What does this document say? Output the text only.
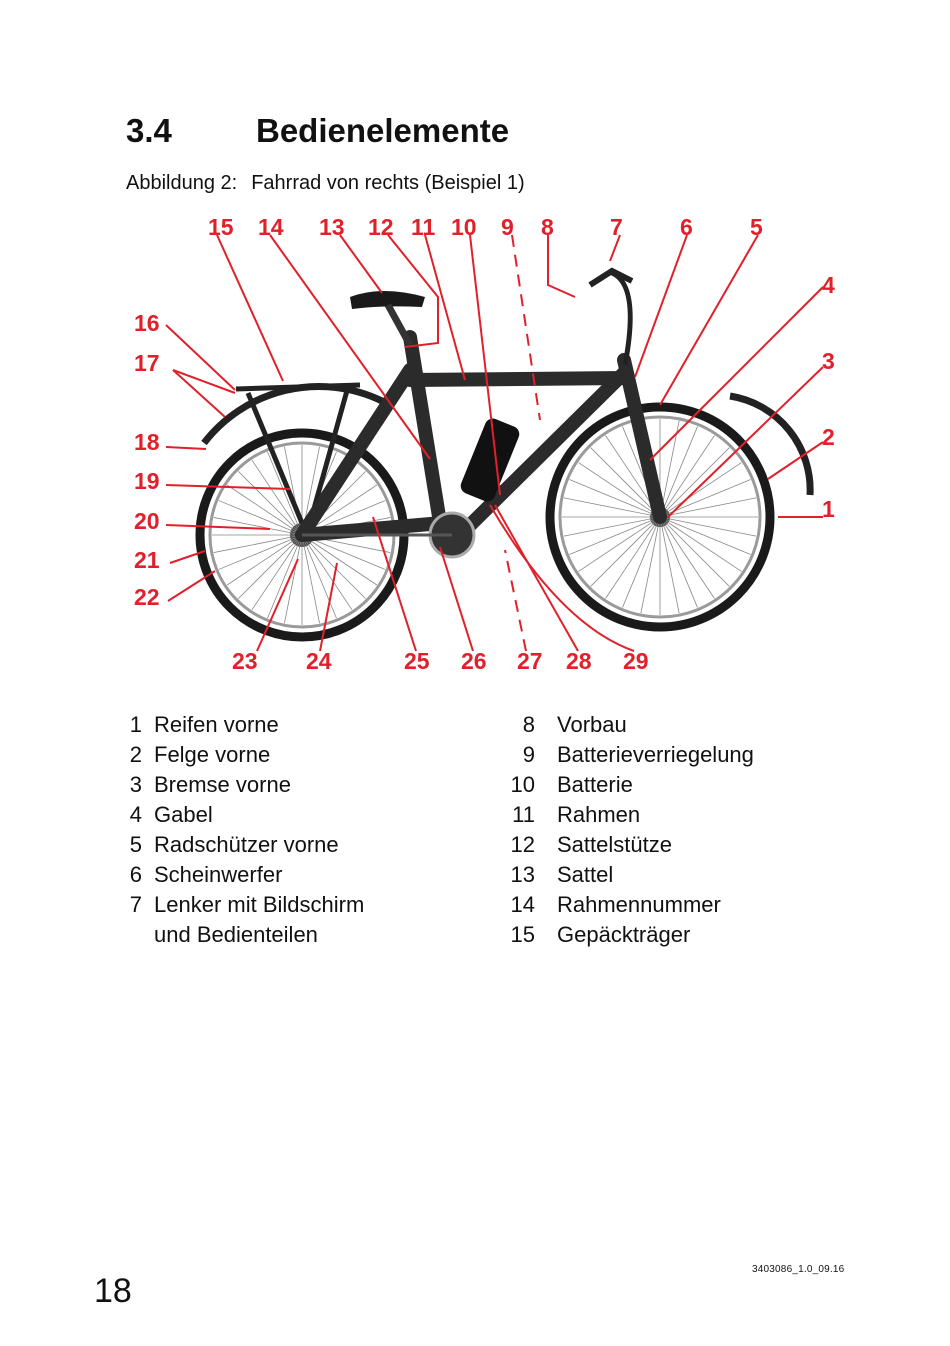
3.4	Bedienelemente
Abbildung 2: Fahrrad von rechts (Beispiel 1)
1
2
3
4
5
6
7
8
9
10
11
12
13
14
15
16
17
18
19
20
21
22
23 24	25 26 27 28 29
1 Reifen vorne
2 Felge vorne
3 Bremse vorne
4 Gabel
5 Radschützer vorne
6 Scheinwerfer
7 Lenker mit Bildschirm
und Bedienteilen
8 Vorbau
9 Batterieverriegelung
10 Batterie
11 Rahmen
12 Sattelstütze
13 Sattel
14 Rahmennummer
15 Gepäckträger
3403086_1.0_09.16
18
